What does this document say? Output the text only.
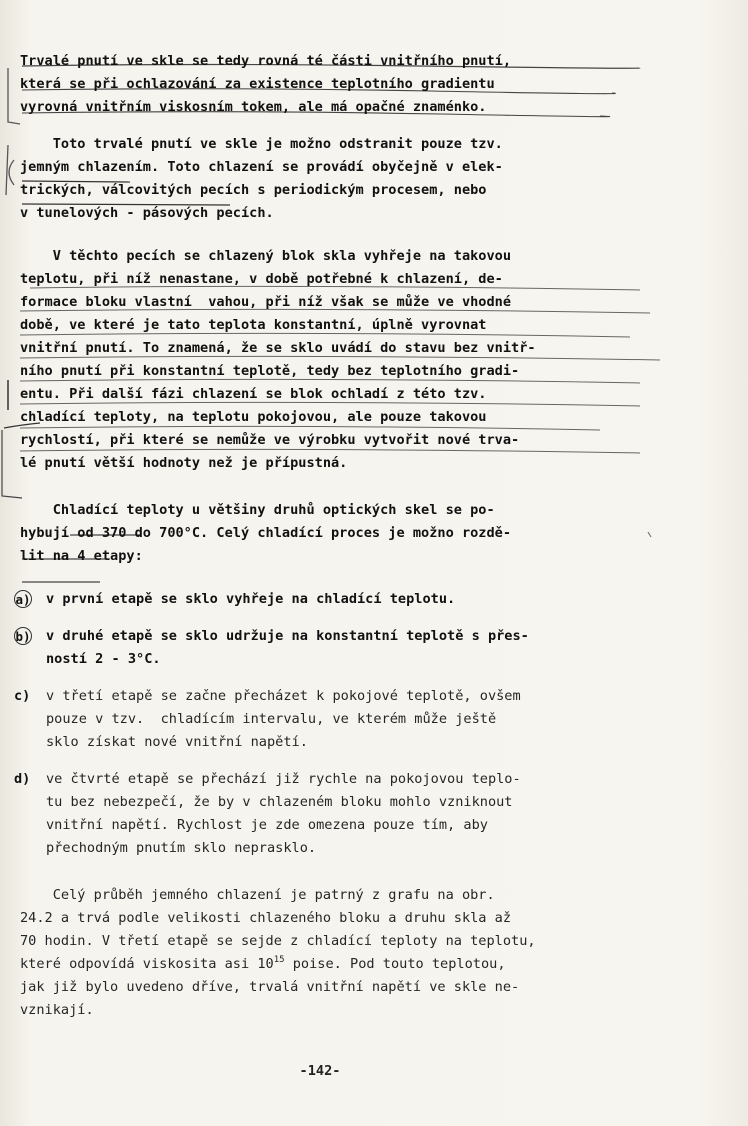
Trvalé pnutí ve skle se tedy rovná té části vnitřního pnutí,
která se při ochlazování za existence teplotního gradientu
vyrovná vnitřním viskosním tokem, ale má opačné znaménko.
Toto trvalé pnutí ve skle je možno odstranit pouze tzv.
jemným chlazením. Toto chlazení se provádí obyčejně v elek-
trických, válcovitých pecích s periodickým procesem, nebo
v tunelových - pásových pecích.
V těchto pecích se chlazený blok skla vyhřeje na takovou
teplotu, při níž nenastane, v době potřebné k chlazení, de-
formace bloku vlastní  vahou, při níž však se může ve vhodné
době, ve které je tato teplota konstantní, úplně vyrovnat
vnitřní pnutí. To znamená, že se sklo uvádí do stavu bez vnitř-
ního pnutí při konstantní teplotě, tedy bez teplotního gradi-
entu. Při další fázi chlazení se blok ochladí z této tzv.
chladící teploty, na teplotu pokojovou, ale pouze takovou
rychlostí, při které se nemůže ve výrobku vytvořit nové trva-
lé pnutí větší hodnoty než je přípustná.
Chladící teploty u většiny druhů optických skel se po-
hybují od 370 do 700°C. Celý chladící proces je možno rozdě-
lit na 4 etapy:
a)	v první etapě se sklo vyhřeje na chladící teplotu.
b)	v druhé etapě se sklo udržuje na konstantní teplotě s přes-
ností 2 - 3°C.
c)	v třetí etapě se začne přecházet k pokojové teplotě, ovšem
pouze v tzv.  chladícím intervalu, ve kterém může ještě
sklo získat nové vnitřní napětí.
d)	ve čtvrté etapě se přechází již rychle na pokojovou teplo-
tu bez nebezpečí, že by v chlazeném bloku mohlo vzniknout
vnitřní napětí. Rychlost je zde omezena pouze tím, aby
přechodným pnutím sklo neprasklo.
Celý průběh jemného chlazení je patrný z grafu na obr.
24.2 a trvá podle velikosti chlazeného bloku a druhu skla až
70 hodin. V třetí etapě se sejde z chladící teploty na teplotu,
které odpovídá viskosita asi $10^{15}$ poise. Pod touto teplotou,
jak již bylo uvedeno dříve, trvalá vnitřní napětí ve skle ne-
vznikají.
-142-
